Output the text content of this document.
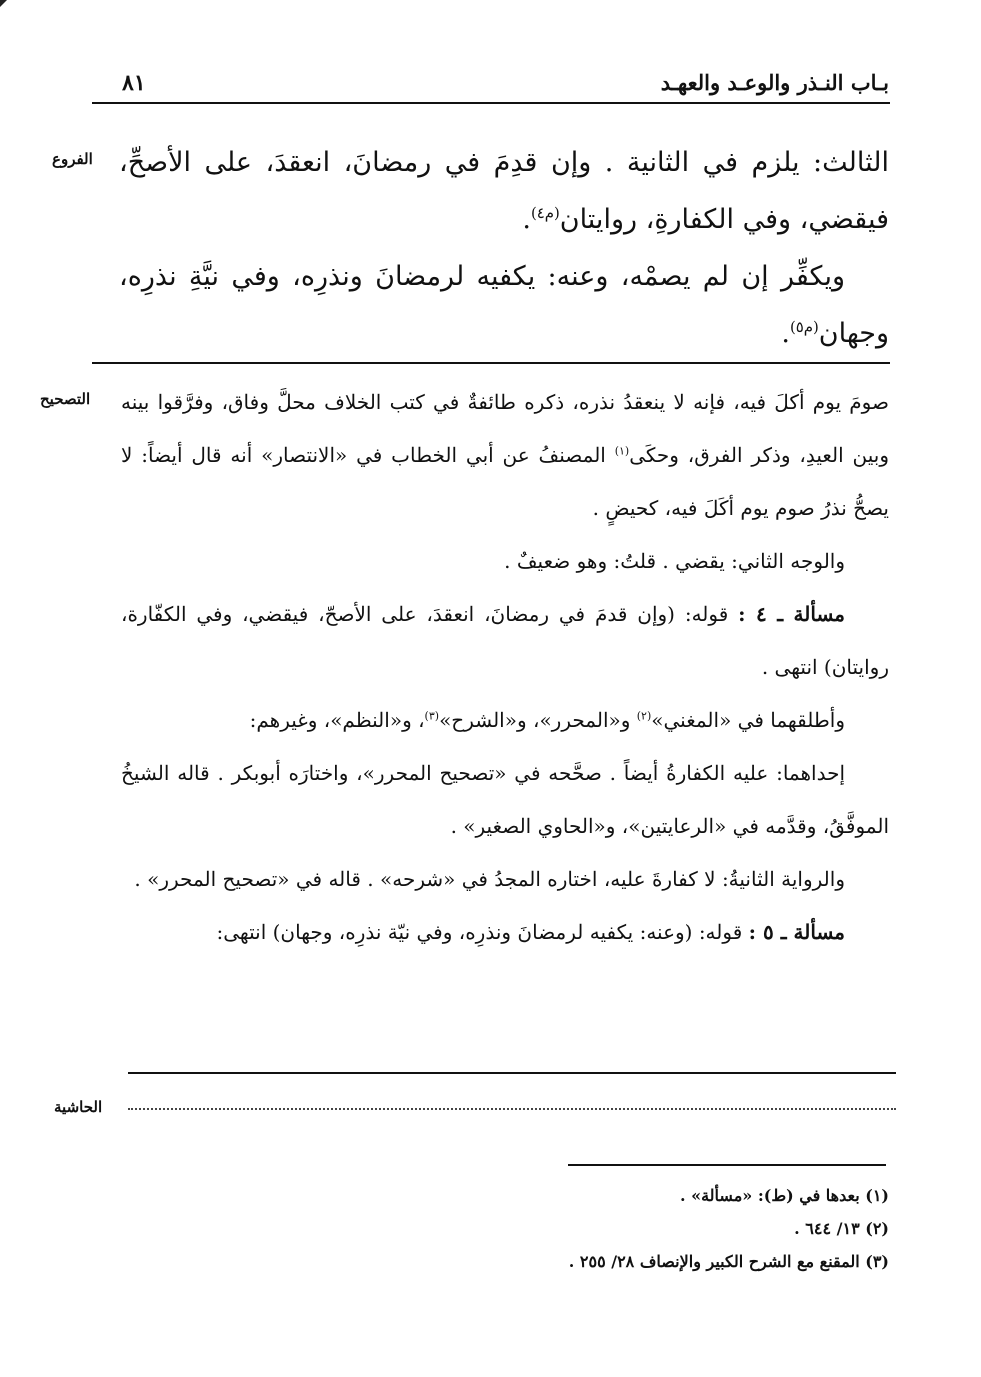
بـاب النـذر والوعـد والعهـد
٨١
الفروع الثالث: يلزم في الثانية . وإن قدِمَ في رمضانَ، انعقدَ، على الأصحِّ، فيقضي، وفي الكفارةِ، روايتان$^{(م٤)}$.

ويكفِّر إن لم يصمْه، وعنه: يكفيه لرمضانَ ونذرِه، وفي نيَّةِ نذرِه، وجهان$^{(م٥)}$.

التصحيح صومَ يوم أكلَ فيه، فإنه لا ينعقدُ نذره، ذكره طائفةٌ في كتب الخلاف محلَّ وفاق، وفرَّقوا بينه وبين العيدِ، وذكر الفرق، وحكَى$^{(١)}$ المصنفُ عن أبي الخطاب في «الانتصار» أنه قال أيضاً: لا يصحُّ نذرُ صوم يوم أكَلَ فيه، كحيضٍ .

والوجه الثاني: يقضي . قلتُ: وهو ضعيفٌ .

مسألة ـ ٤ : قوله: (وإن قدمَ في رمضانَ، انعقدَ، على الأصحّ، فيقضي، وفي الكفّارة، روايتان) انتهى .

وأطلقهما في «المغني»$^{(٢)}$ و«المحرر»، و«الشرح»$^{(٣)}$، و«النظم»، وغيرهم:

إحداهما: عليه الكفارةُ أيضاً . صحَّحه في «تصحيح المحرر»، واختارَه أبوبكر . قاله الشيخُ الموفَّقُ، وقدَّمه في «الرعايتين»، و«الحاوي الصغير» .

والرواية الثانيةُ: لا كفارةَ عليه، اختاره المجدُ في «شرحه» . قاله في «تصحيح المحرر» .

مسألة ـ ٥ : قوله: (وعنه: يكفيه لرمضانَ ونذرِه، وفي نيّة نذرِه، وجهان) انتهى:

الحاشية
(١) بعدها في (ط): «مسألة» .
(٢) ١٣/ ٦٤٤ .
(٣) المقنع مع الشرح الكبير والإنصاف ٢٨/ ٢٥٥ .
